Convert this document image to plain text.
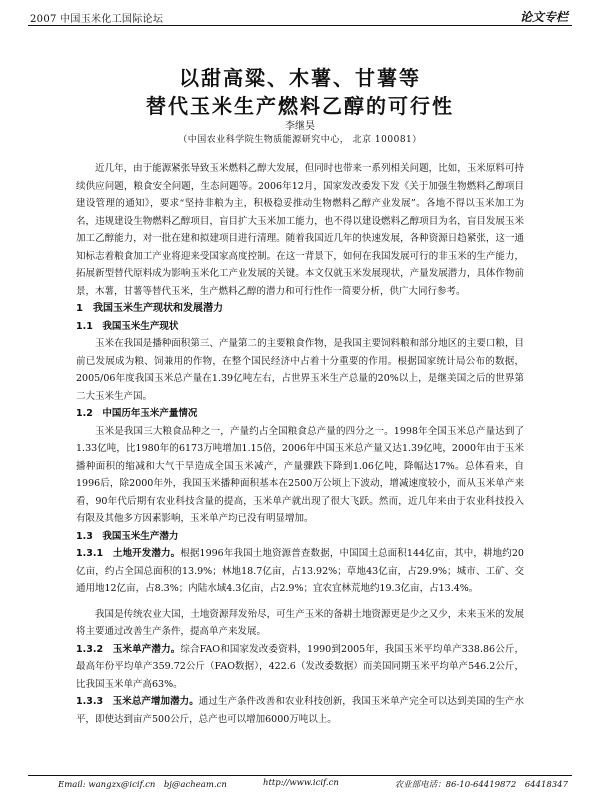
2007 中国玉米化工国际论坛	论文专栏
以甜高粱、木薯、甘薯等
替代玉米生产燃料乙醇的可行性
李继昊
（中国农业科学院生物质能源研究中心， 北京 100081）

近几年，由于能源紧张导致玉米燃料乙醇大发展，但同时也带来一系列相关问题，比如，玉米原料可持续供应问题，粮食安全问题，生态问题等。2006年12月，国家发改委发下发《关于加强生物燃料乙醇项目建设管理的通知》，要求“坚持非粮为主，积极稳妥推动生物燃料乙醇产业发展”。各地不得以玉米加工为名，违规建设生物燃料乙醇项目，盲目扩大玉米加工能力，也不得以建设燃料乙醇项目为名，盲目发展玉米加工乙醇能力，对一批在建和拟建项目进行清理。随着我国近几年的快速发展，各种资源日趋紧张，这一通知标志着粮食加工产业将迎来受国家高度控制。在这一背景下，如何在我国发展可行的非玉米的生产能力，拓展新型替代原料成为影响玉米化工产业发展的关键。本文仅就玉米发展现状，产量发展潜力，具体作物前景，木薯，甘薯等替代玉米，生产燃料乙醇的潜力和可行性作一简要分析，供广大同行参考。

1　我国玉米生产现状和发展潜力

1.1　我国玉米生产现状

玉米在我国是播种面积第三、产量第二的主要粮食作物，是我国主要饲料粮和部分地区的主要口粮，目前已发展成为粮、饲兼用的作物，在整个国民经济中占着十分重要的作用。根据国家统计局公布的数据，2005/06年度我国玉米总产量在1.39亿吨左右，占世界玉米生产总量的20%以上，是继美国之后的世界第二大玉米生产国。

1.2　中国历年玉米产量情况

玉米是我国三大粮食品种之一，产量约占全国粮食总产量的四分之一。1998年全国玉米总产量达到了1.33亿吨，比1980年的6173万吨增加1.15倍，2006年中国玉米总产量又达1.39亿吨，2000年由于玉米播种面积的缩减和大气干旱造成全国玉米减产，产量骤跌下降到1.06亿吨，降幅达17%。总体看来，自1996后，除2000年外，我国玉米播种面积基本在2500万公顷上下波动，增减速度较小，而从玉米单产来看，90年代后期有农业科技含量的提高，玉米单产就出现了很大飞跃。然而，近几年来由于农业科技投入有限及其他多方因素影响，玉米单产均已没有明显增加。

1.3　我国玉米生产潜力

1.3.1　土地开发潜力。根据1996年我国土地资源普查数据，中国国土总面积144亿亩，其中，耕地约20亿亩，约占全国总面积的13.9%；林地18.7亿亩，占13.92%；草地43亿亩，占29.9%；城市、工矿、交通用地12亿亩，占8.3%；内陆水域4.3亿亩，占2.9%；宜农宜林荒地约19.3亿亩，占13.4%。

我国是传统农业大国，土地资源拜发殆尽，可生产玉米的备耕土地资源更是少之又少，未来玉米的发展将主要通过改善生产条件，提高单产来发展。

1.3.2　玉米单产潜力。综合FAO和国家发改委资料，1990到2005年，我国玉米平均单产338.86公斤，最高年份平均单产359.72公斤（FAO数据），422.6（发改委数据）而美国同期玉米平均单产546.2公斤，比我国玉米单产高63%。

1.3.3　玉米总产增加潜力。通过生产条件改善和农业科技创新，我国玉米单产完全可以达到美国的生产水平，即使达到亩产500公斤，总产也可以增加6000万吨以上。

Email: wangzx@icif.cn　bj@acheam.cn	http://www.icif.cn	农业部电话：86-10-64419872　64418347
